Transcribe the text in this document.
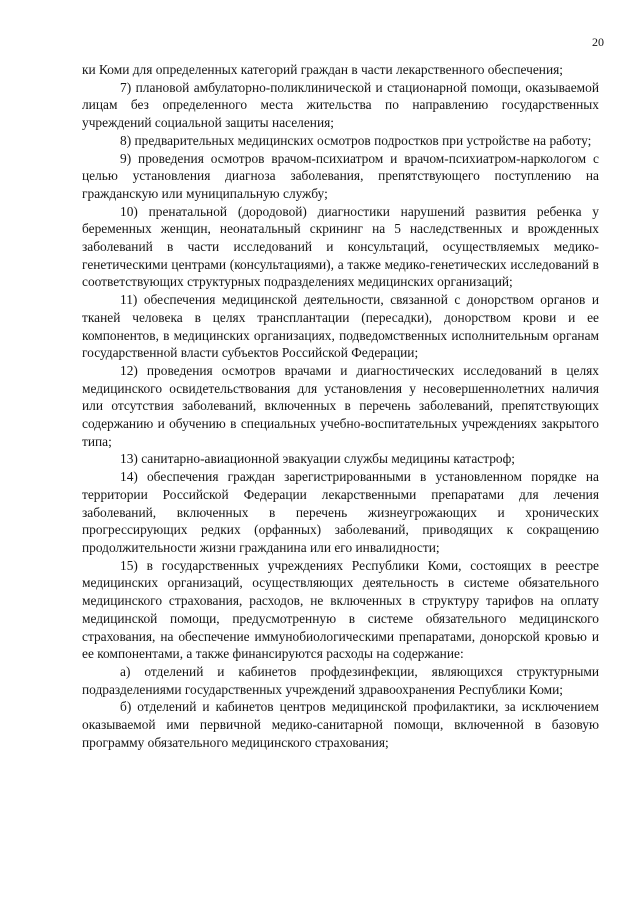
20

ки Коми для определенных категорий граждан в части лекарственного обеспечения;

7) плановой амбулаторно-поликлинической и стационарной помощи, оказываемой лицам без определенного места жительства по направлению государственных учреждений социальной защиты населения;

8) предварительных медицинских осмотров подростков при устройстве на работу;

9) проведения осмотров врачом-психиатром и врачом-психиатром-наркологом с целью установления диагноза заболевания, препятствующего поступлению на гражданскую или муниципальную службу;

10) пренатальной (дородовой) диагностики нарушений развития ребенка у беременных женщин, неонатальный скрининг на 5 наследственных и врожденных заболеваний в части исследований и консультаций, осуществляемых медико-генетическими центрами (консультациями), а также медико-генетических исследований в соответствующих структурных подразделениях медицинских организаций;

11) обеспечения медицинской деятельности, связанной с донорством органов и тканей человека в целях трансплантации (пересадки), донорством крови и ее компонентов, в медицинских организациях, подведомственных исполнительным органам государственной власти субъектов Российской Федерации;

12) проведения осмотров врачами и диагностических исследований в целях медицинского освидетельствования для установления у несовершеннолетних наличия или отсутствия заболеваний, включенных в перечень заболеваний, препятствующих содержанию и обучению в специальных учебно-воспитательных учреждениях закрытого типа;

13) санитарно-авиационной эвакуации службы медицины катастроф;

14) обеспечения граждан зарегистрированными в установленном порядке на территории Российской Федерации лекарственными препаратами для лечения заболеваний, включенных в перечень жизнеугрожающих и хронических прогрессирующих редких (орфанных) заболеваний, приводящих к сокращению продолжительности жизни гражданина или его инвалидности;

15) в государственных учреждениях Республики Коми, состоящих в реестре медицинских организаций, осуществляющих деятельность в системе обязательного медицинского страхования, расходов, не включенных в структуру тарифов на оплату медицинской помощи, предусмотренную в системе обязательного медицинского страхования, на обеспечение иммунобиологическими препаратами, донорской кровью и ее компонентами, а также финансируются расходы на содержание:

а) отделений и кабинетов профдезинфекции, являющихся структурными подразделениями государственных учреждений здравоохранения Республики Коми;

б) отделений и кабинетов центров медицинской профилактики, за исключением оказываемой ими первичной медико-санитарной помощи, включенной в базовую программу обязательного медицинского страхования;
